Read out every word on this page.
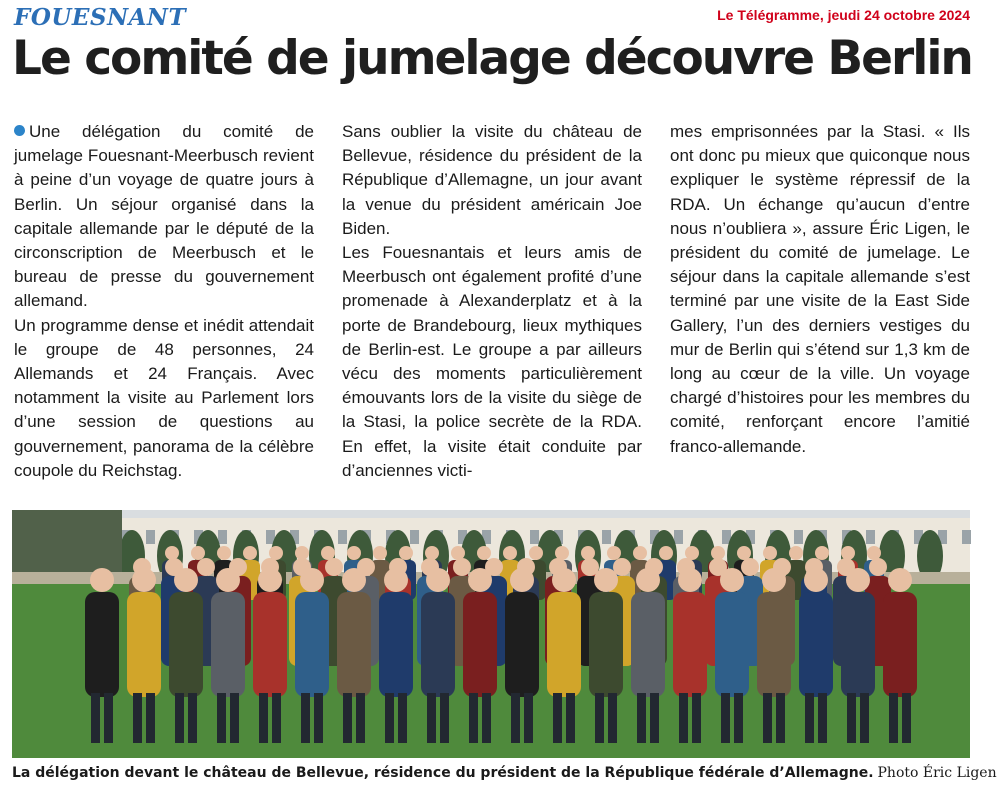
FOUESNANT	Le Télégramme, jeudi 24 octobre 2024
Le comité de jumelage découvre Berlin

Une délégation du comité de jumelage Fouesnant-Meerbusch revient à peine d’un voyage de quatre jours à Berlin. Un séjour organisé dans la capitale allemande par le député de la circonscription de Meerbusch et le bureau de presse du gouvernement allemand.

Un programme dense et inédit attendait le groupe de 48 personnes, 24 Allemands et 24 Français. Avec notamment la visite au Parlement lors d’une session de questions au gouvernement, panorama de la célèbre coupole du Reichstag.

Sans oublier la visite du château de Bellevue, résidence du président de la République d’Allemagne, un jour avant la venue du président américain Joe Biden.

Les Fouesnantais et leurs amis de Meerbusch ont également profité d’une promenade à Alexanderplatz et à la porte de Brandebourg, lieux mythiques de Berlin-est. Le groupe a par ailleurs vécu des moments particulièrement émouvants lors de la visite du siège de la Stasi, la police secrète de la RDA. En effet, la visite était conduite par d’anciennes victi-

mes emprisonnées par la Stasi. « Ils ont donc pu mieux que quiconque nous expliquer le système répressif de la RDA. Un échange qu’aucun d’entre nous n’oubliera », assure Éric Ligen, le président du comité de jumelage. Le séjour dans la capitale allemande s’est terminé par une visite de la East Side Gallery, l’un des derniers vestiges du mur de Berlin qui s’étend sur 1,3 km de long au cœur de la ville. Un voyage chargé d’histoires pour les membres du comité, renforçant encore l’amitié franco-allemande.

La délégation devant le château de Bellevue, résidence du président de la République fédérale d’Allemagne. Photo Éric Ligen
